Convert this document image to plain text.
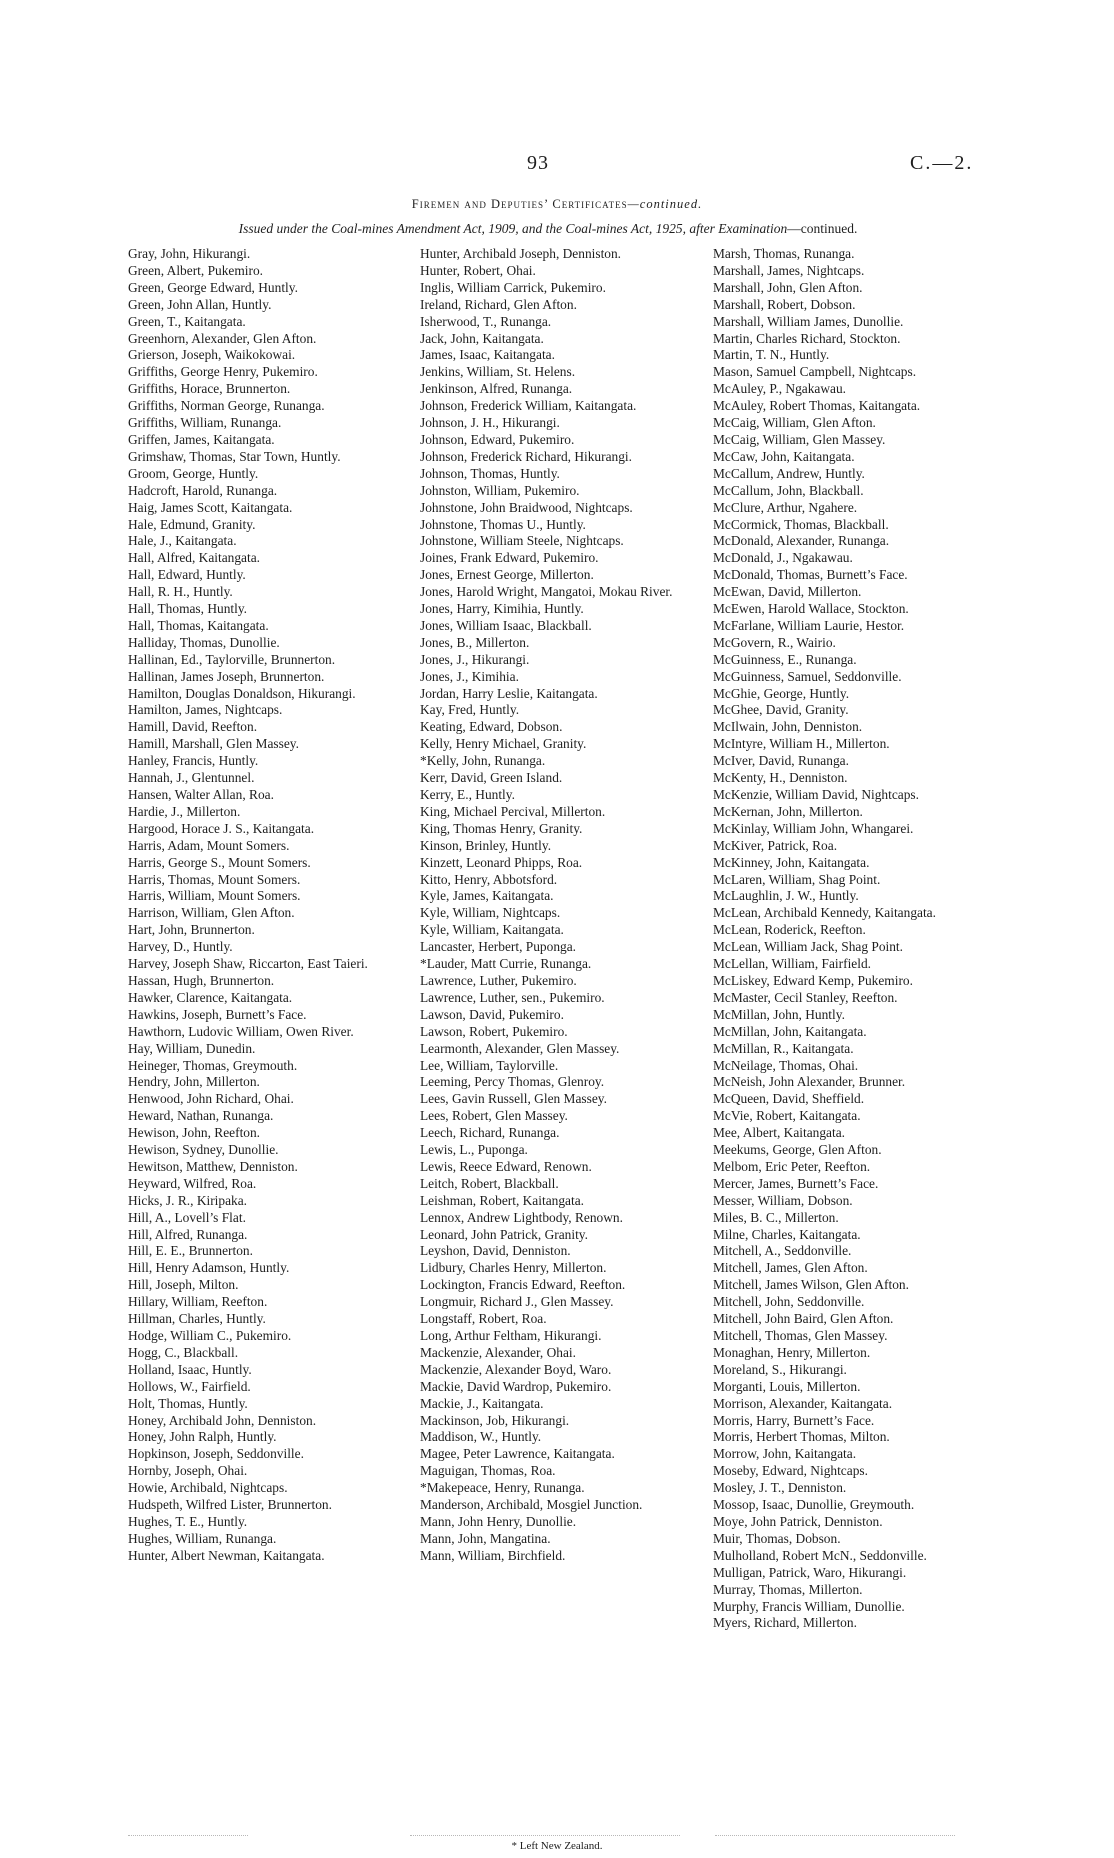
93	C.—2.
Firemen and Deputies’ Certificates—continued.
Issued under the Coal-mines Amendment Act, 1909, and the Coal-mines Act, 1925, after Examination—continued.
Gray, John, Hikurangi.
Green, Albert, Pukemiro.
Green, George Edward, Huntly.
Green, John Allan, Huntly.
Green, T., Kaitangata.
Greenhorn, Alexander, Glen Afton.
Grierson, Joseph, Waikokowai.
Griffiths, George Henry, Pukemiro.
Griffiths, Horace, Brunnerton.
Griffiths, Norman George, Runanga.
Griffiths, William, Runanga.
Griffen, James, Kaitangata.
Grimshaw, Thomas, Star Town, Huntly.
Groom, George, Huntly.
Hadcroft, Harold, Runanga.
Haig, James Scott, Kaitangata.
Hale, Edmund, Granity.
Hale, J., Kaitangata.
Hall, Alfred, Kaitangata.
Hall, Edward, Huntly.
Hall, R. H., Huntly.
Hall, Thomas, Huntly.
Hall, Thomas, Kaitangata.
Halliday, Thomas, Dunollie.
Hallinan, Ed., Taylorville, Brunnerton.
Hallinan, James Joseph, Brunnerton.
Hamilton, Douglas Donaldson, Hikurangi.
Hamilton, James, Nightcaps.
Hamill, David, Reefton.
Hamill, Marshall, Glen Massey.
Hanley, Francis, Huntly.
Hannah, J., Glentunnel.
Hansen, Walter Allan, Roa.
Hardie, J., Millerton.
Hargood, Horace J. S., Kaitangata.
Harris, Adam, Mount Somers.
Harris, George S., Mount Somers.
Harris, Thomas, Mount Somers.
Harris, William, Mount Somers.
Harrison, William, Glen Afton.
Hart, John, Brunnerton.
Harvey, D., Huntly.
Harvey, Joseph Shaw, Riccarton, East Taieri.
Hassan, Hugh, Brunnerton.
Hawker, Clarence, Kaitangata.
Hawkins, Joseph, Burnett’s Face.
Hawthorn, Ludovic William, Owen River.
Hay, William, Dunedin.
Heineger, Thomas, Greymouth.
Hendry, John, Millerton.
Henwood, John Richard, Ohai.
Heward, Nathan, Runanga.
Hewison, John, Reefton.
Hewison, Sydney, Dunollie.
Hewitson, Matthew, Denniston.
Heyward, Wilfred, Roa.
Hicks, J. R., Kiripaka.
Hill, A., Lovell’s Flat.
Hill, Alfred, Runanga.
Hill, E. E., Brunnerton.
Hill, Henry Adamson, Huntly.
Hill, Joseph, Milton.
Hillary, William, Reefton.
Hillman, Charles, Huntly.
Hodge, William C., Pukemiro.
Hogg, C., Blackball.
Holland, Isaac, Huntly.
Hollows, W., Fairfield.
Holt, Thomas, Huntly.
Honey, Archibald John, Denniston.
Honey, John Ralph, Huntly.
Hopkinson, Joseph, Seddonville.
Hornby, Joseph, Ohai.
Howie, Archibald, Nightcaps.
Hudspeth, Wilfred Lister, Brunnerton.
Hughes, T. E., Huntly.
Hughes, William, Runanga.
Hunter, Albert Newman, Kaitangata.
Hunter, Archibald Joseph, Denniston.
Hunter, Robert, Ohai.
Inglis, William Carrick, Pukemiro.
Ireland, Richard, Glen Afton.
Isherwood, T., Runanga.
Jack, John, Kaitangata.
James, Isaac, Kaitangata.
Jenkins, William, St. Helens.
Jenkinson, Alfred, Runanga.
Johnson, Frederick William, Kaitangata.
Johnson, J. H., Hikurangi.
Johnson, Edward, Pukemiro.
Johnson, Frederick Richard, Hikurangi.
Johnson, Thomas, Huntly.
Johnston, William, Pukemiro.
Johnstone, John Braidwood, Nightcaps.
Johnstone, Thomas U., Huntly.
Johnstone, William Steele, Nightcaps.
Joines, Frank Edward, Pukemiro.
Jones, Ernest George, Millerton.
Jones, Harold Wright, Mangatoi, Mokau River.
Jones, Harry, Kimihia, Huntly.
Jones, William Isaac, Blackball.
Jones, B., Millerton.
Jones, J., Hikurangi.
Jones, J., Kimihia.
Jordan, Harry Leslie, Kaitangata.
Kay, Fred, Huntly.
Keating, Edward, Dobson.
Kelly, Henry Michael, Granity.
*Kelly, John, Runanga.
Kerr, David, Green Island.
Kerry, E., Huntly.
King, Michael Percival, Millerton.
King, Thomas Henry, Granity.
Kinson, Brinley, Huntly.
Kinzett, Leonard Phipps, Roa.
Kitto, Henry, Abbotsford.
Kyle, James, Kaitangata.
Kyle, William, Nightcaps.
Kyle, William, Kaitangata.
Lancaster, Herbert, Puponga.
*Lauder, Matt Currie, Runanga.
Lawrence, Luther, Pukemiro.
Lawrence, Luther, sen., Pukemiro.
Lawson, David, Pukemiro.
Lawson, Robert, Pukemiro.
Learmonth, Alexander, Glen Massey.
Lee, William, Taylorville.
Leeming, Percy Thomas, Glenroy.
Lees, Gavin Russell, Glen Massey.
Lees, Robert, Glen Massey.
Leech, Richard, Runanga.
Lewis, L., Puponga.
Lewis, Reece Edward, Renown.
Leitch, Robert, Blackball.
Leishman, Robert, Kaitangata.
Lennox, Andrew Lightbody, Renown.
Leonard, John Patrick, Granity.
Leyshon, David, Denniston.
Lidbury, Charles Henry, Millerton.
Lockington, Francis Edward, Reefton.
Longmuir, Richard J., Glen Massey.
Longstaff, Robert, Roa.
Long, Arthur Feltham, Hikurangi.
Mackenzie, Alexander, Ohai.
Mackenzie, Alexander Boyd, Waro.
Mackie, David Wardrop, Pukemiro.
Mackie, J., Kaitangata.
Mackinson, Job, Hikurangi.
Maddison, W., Huntly.
Magee, Peter Lawrence, Kaitangata.
Maguigan, Thomas, Roa.
*Makepeace, Henry, Runanga.
Manderson, Archibald, Mosgiel Junction.
Mann, John Henry, Dunollie.
Mann, John, Mangatina.
Mann, William, Birchfield.
Marsh, Thomas, Runanga.
Marshall, James, Nightcaps.
Marshall, John, Glen Afton.
Marshall, Robert, Dobson.
Marshall, William James, Dunollie.
Martin, Charles Richard, Stockton.
Martin, T. N., Huntly.
Mason, Samuel Campbell, Nightcaps.
McAuley, P., Ngakawau.
McAuley, Robert Thomas, Kaitangata.
McCaig, William, Glen Afton.
McCaig, William, Glen Massey.
McCaw, John, Kaitangata.
McCallum, Andrew, Huntly.
McCallum, John, Blackball.
McClure, Arthur, Ngahere.
McCormick, Thomas, Blackball.
McDonald, Alexander, Runanga.
McDonald, J., Ngakawau.
McDonald, Thomas, Burnett’s Face.
McEwan, David, Millerton.
McEwen, Harold Wallace, Stockton.
McFarlane, William Laurie, Hestor.
McGovern, R., Wairio.
McGuinness, E., Runanga.
McGuinness, Samuel, Seddonville.
McGhie, George, Huntly.
McGhee, David, Granity.
McIlwain, John, Denniston.
McIntyre, William H., Millerton.
McIver, David, Runanga.
McKenty, H., Denniston.
McKenzie, William David, Nightcaps.
McKernan, John, Millerton.
McKinlay, William John, Whangarei.
McKiver, Patrick, Roa.
McKinney, John, Kaitangata.
McLaren, William, Shag Point.
McLaughlin, J. W., Huntly.
McLean, Archibald Kennedy, Kaitangata.
McLean, Roderick, Reefton.
McLean, William Jack, Shag Point.
McLellan, William, Fairfield.
McLiskey, Edward Kemp, Pukemiro.
McMaster, Cecil Stanley, Reefton.
McMillan, John, Huntly.
McMillan, John, Kaitangata.
McMillan, R., Kaitangata.
McNeilage, Thomas, Ohai.
McNeish, John Alexander, Brunner.
McQueen, David, Sheffield.
McVie, Robert, Kaitangata.
Mee, Albert, Kaitangata.
Meekums, George, Glen Afton.
Melbom, Eric Peter, Reefton.
Mercer, James, Burnett’s Face.
Messer, William, Dobson.
Miles, B. C., Millerton.
Milne, Charles, Kaitangata.
Mitchell, A., Seddonville.
Mitchell, James, Glen Afton.
Mitchell, James Wilson, Glen Afton.
Mitchell, John, Seddonville.
Mitchell, John Baird, Glen Afton.
Mitchell, Thomas, Glen Massey.
Monaghan, Henry, Millerton.
Moreland, S., Hikurangi.
Morganti, Louis, Millerton.
Morrison, Alexander, Kaitangata.
Morris, Harry, Burnett’s Face.
Morris, Herbert Thomas, Milton.
Morrow, John, Kaitangata.
Moseby, Edward, Nightcaps.
Mosley, J. T., Denniston.
Mossop, Isaac, Dunollie, Greymouth.
Moye, John Patrick, Denniston.
Muir, Thomas, Dobson.
Mulholland, Robert McN., Seddonville.
Mulligan, Patrick, Waro, Hikurangi.
Murray, Thomas, Millerton.
Murphy, Francis William, Dunollie.
Myers, Richard, Millerton.
* Left New Zealand.
